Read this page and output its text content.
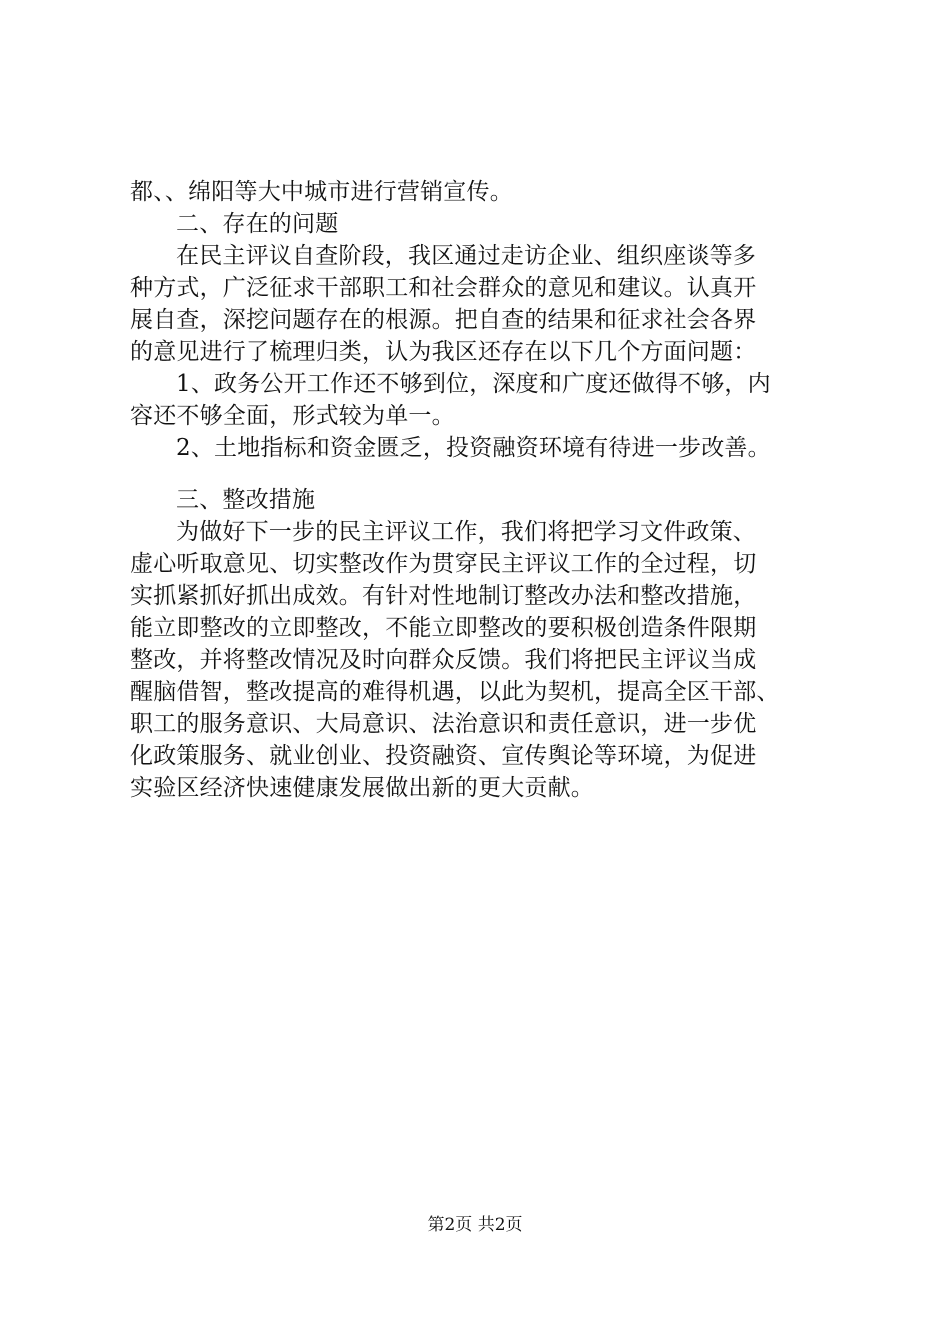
都、、绵阳等大中城市进行营销宣传。
二、存在的问题
在民主评议自查阶段，我区通过走访企业、组织座谈等多
种方式，广泛征求干部职工和社会群众的意见和建议。认真开
展自查，深挖问题存在的根源。把自查的结果和征求社会各界
的意见进行了梳理归类，认为我区还存在以下几个方面问题：
1、政务公开工作还不够到位，深度和广度还做得不够，内
容还不够全面，形式较为单一。
2、土地指标和资金匮乏，投资融资环境有待进一步改善。
三、整改措施
为做好下一步的民主评议工作，我们将把学习文件政策、
虚心听取意见、切实整改作为贯穿民主评议工作的全过程，切
实抓紧抓好抓出成效。有针对性地制订整改办法和整改措施，
能立即整改的立即整改，不能立即整改的要积极创造条件限期
整改，并将整改情况及时向群众反馈。我们将把民主评议当成
醒脑借智，整改提高的难得机遇，以此为契机，提高全区干部、
职工的服务意识、大局意识、法治意识和责任意识，进一步优
化政策服务、就业创业、投资融资、宣传舆论等环境，为促进
实验区经济快速健康发展做出新的更大贡献。
第2页 共2页
